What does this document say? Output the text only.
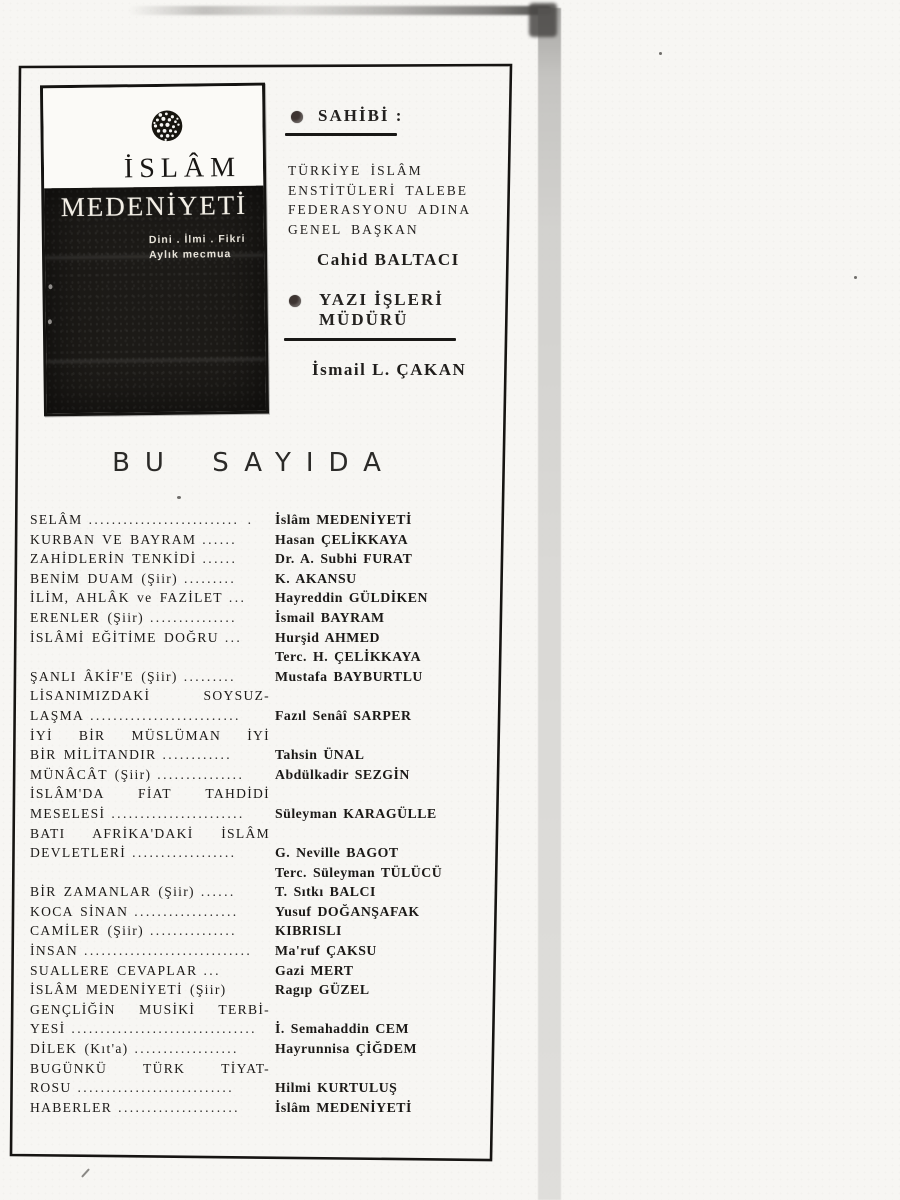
İSLÂM
MEDENİYETİ
Dini . İlmi . Fikri
Aylık mecmua
SAHİBİ :
TÜRKİYE İSLÂM
ENSTİTÜLERİ TALEBE
FEDERASYONU ADINA
GENEL BAŞKAN
Cahid BALTACI
YAZI İŞLERİ
MÜDÜRÜ
İsmail L. ÇAKAN
BU SAYIDA
SELÂM .......................... .	İslâm MEDENİYETİ
KURBAN VE BAYRAM ......	Hasan ÇELİKKAYA
ZAHİDLERİN TENKİDİ ......	Dr. A. Subhi FURAT
BENİM DUAM (Şiir) .........	K. AKANSU
İLİM, AHLÂK ve FAZİLET ...	Hayreddin GÜLDİKEN
ERENLER (Şiir) ...............	İsmail BAYRAM
İSLÂMİ EĞİTİME DOĞRU ...	Hurşid AHMED
Terc. H. ÇELİKKAYA
ŞANLI ÂKİF'E (Şiir) .........	Mustafa BAYBURTLU
LİSANIMIZDAKİ SOYSUZ-
LAŞMA ..........................	Fazıl Senâî SARPER
İYİ BİR MÜSLÜMAN İYİ
BİR MİLİTANDIR ............	Tahsin ÜNAL
MÜNÂCÂT (Şiir) ...............	Abdülkadir SEZGİN
İSLÂM'DA FİAT TAHDİDİ
MESELESİ .......................	Süleyman KARAGÜLLE
BATI AFRİKA'DAKİ İSLÂM
DEVLETLERİ ..................	G. Neville BAGOT
Terc. Süleyman TÜLÜCÜ
BİR ZAMANLAR (Şiir) ......	T. Sıtkı BALCI
KOCA SİNAN ..................	Yusuf DOĞANŞAFAK
CAMİLER (Şiir) ...............	KIBRISLI
İNSAN .............................	Ma'ruf ÇAKSU
SUALLERE CEVAPLAR ...	Gazi MERT
İSLÂM MEDENİYETİ (Şiir)	Ragıp GÜZEL
GENÇLİĞİN MUSİKİ TERBİ-
YESİ ................................	İ. Semahaddin CEM
DİLEK (Kıt'a) ..................	Hayrunnisa ÇİĞDEM
BUGÜNKÜ TÜRK TİYAT-
ROSU ...........................	Hilmi KURTULUŞ
HABERLER .....................	İslâm MEDENİYETİ
